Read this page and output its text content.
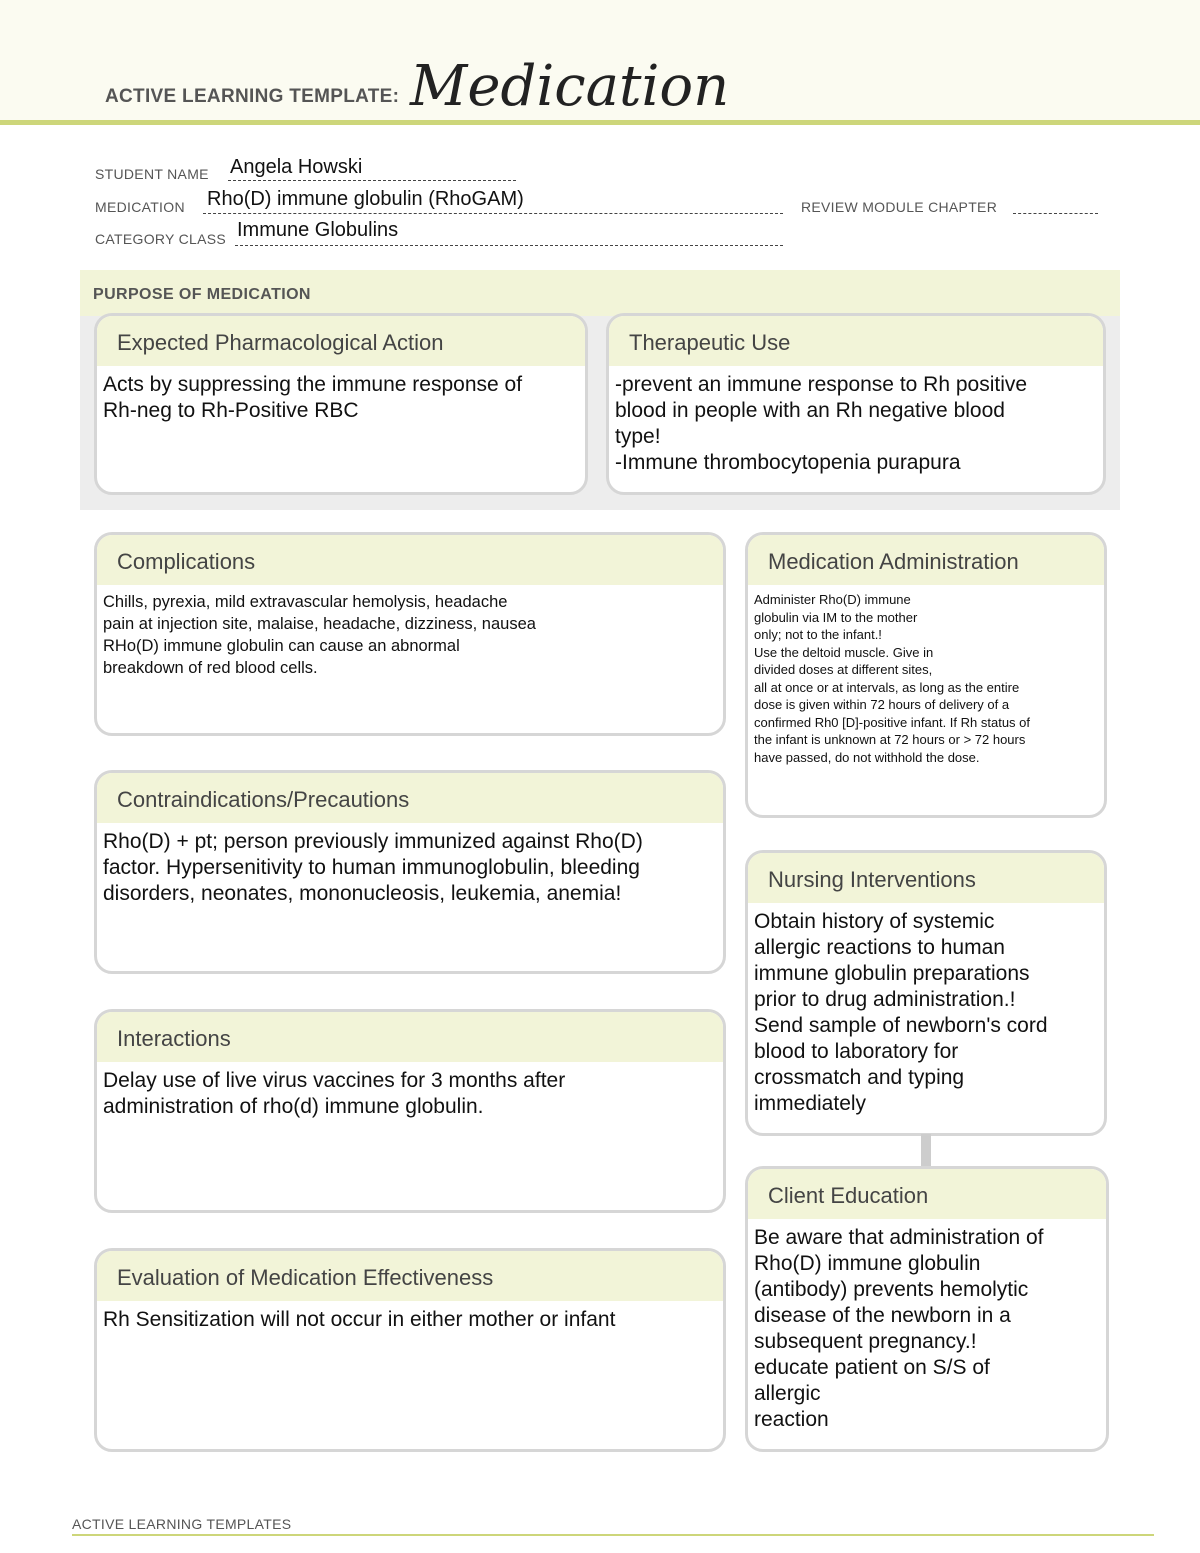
ACTIVE LEARNING TEMPLATE: Medication
STUDENT NAME Angela Howski
MEDICATION Rho(D) immune globulin (RhoGAM)	REVIEW MODULE CHAPTER
CATEGORY CLASS Immune Globulins
PURPOSE OF MEDICATION
Expected Pharmacological Action
Acts by suppressing the immune response of
Rh-neg to Rh-Positive RBC
Therapeutic Use
-prevent an immune response to Rh positive
blood in people with an Rh negative blood
type!
-Immune thrombocytopenia purapura
Complications
Chills, pyrexia, mild extravascular hemolysis, headache
pain at injection site, malaise, headache, dizziness, nausea
RHo(D) immune globulin can cause an abnormal
breakdown of red blood cells.
Contraindications/Precautions
Rho(D) + pt; person previously immunized against Rho(D)
factor. Hypersenitivity to human immunoglobulin, bleeding
disorders, neonates, mononucleosis, leukemia, anemia!
Interactions
Delay use of live virus vaccines for 3 months after
administration of rho(d) immune globulin.
Evaluation of Medication Effectiveness
Rh Sensitization will not occur in either mother or infant
Medication Administration
Administer Rho(D) immune
globulin via IM to the mother
only; not to the infant.!
Use the deltoid muscle. Give in
divided doses at different sites,
all at once or at intervals, as long as the entire
dose is given within 72 hours of delivery of a
confirmed Rh0 [D]-positive infant. If Rh status of
the infant is unknown at 72 hours or > 72 hours
have passed, do not withhold the dose.
Nursing Interventions
Obtain history of systemic
allergic reactions to human
immune globulin preparations
prior to drug administration.!
Send sample of newborn's cord
blood to laboratory for
crossmatch and typing
immediately
Client Education
Be aware that administration of
Rho(D) immune globulin
(antibody) prevents hemolytic
disease of the newborn in a
subsequent pregnancy.!
educate patient on S/S of
allergic
reaction
ACTIVE LEARNING TEMPLATES
